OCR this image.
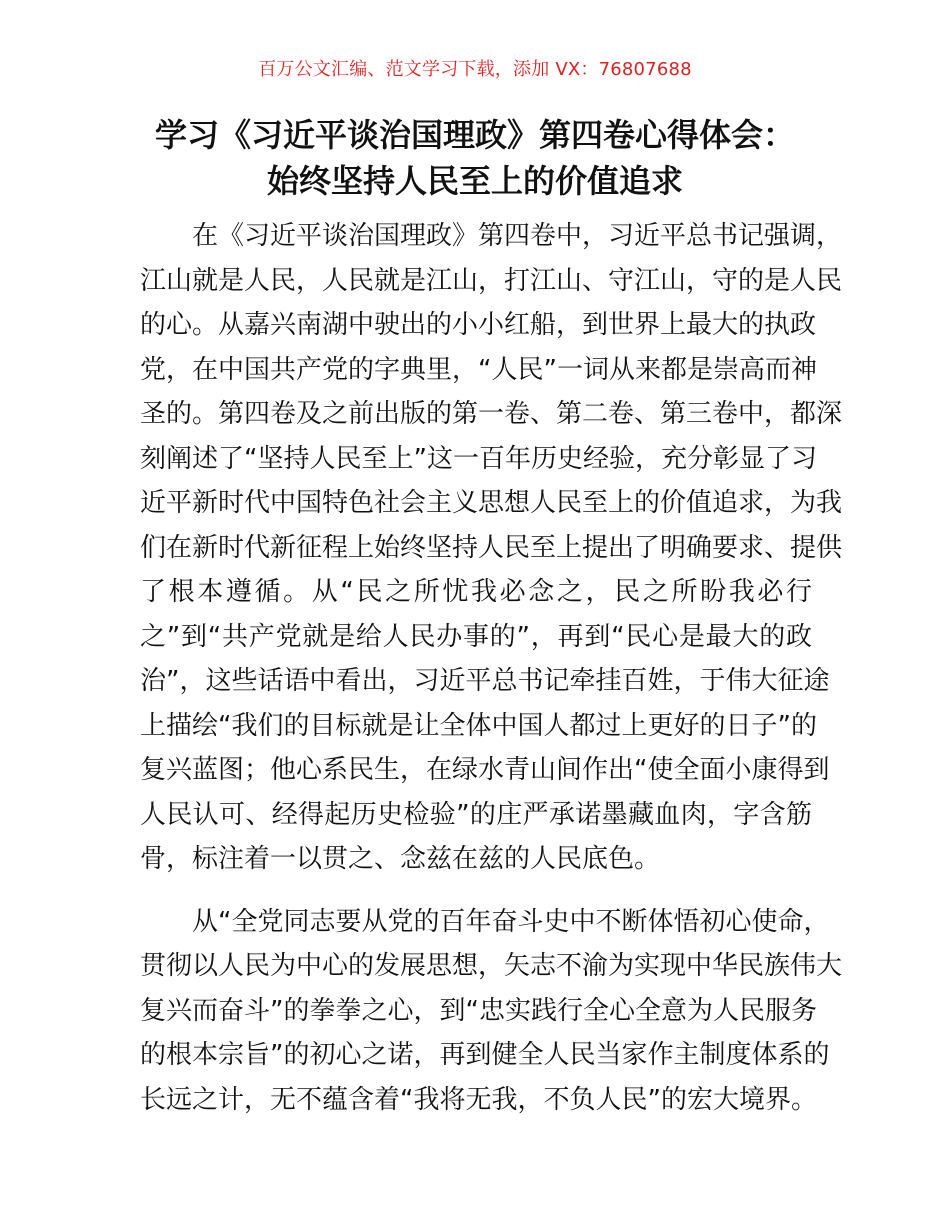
百万公文汇编、范文学习下载，添加 VX：76807688
学习《习近平谈治国理政》第四卷心得体会：
始终坚持人民至上的价值追求
在《习近平谈治国理政》第四卷中，习近平总书记强调，
江山就是人民，人民就是江山，打江山、守江山，守的是人民
的心。从嘉兴南湖中驶出的小小红船，到世界上最大的执政
党，在中国共产党的字典里，“人民”一词从来都是崇高而神
圣的。第四卷及之前出版的第一卷、第二卷、第三卷中，都深
刻阐述了“坚持人民至上”这一百年历史经验，充分彰显了习
近平新时代中国特色社会主义思想人民至上的价值追求，为我
们在新时代新征程上始终坚持人民至上提出了明确要求、提供
了根本遵循。从“民之所忧我必念之，民之所盼我必行
之”到“共产党就是给人民办事的”，再到“民心是最大的政
治”，这些话语中看出，习近平总书记牵挂百姓，于伟大征途
上描绘“我们的目标就是让全体中国人都过上更好的日子”的
复兴蓝图；他心系民生，在绿水青山间作出“使全面小康得到
人民认可、经得起历史检验”的庄严承诺墨藏血肉，字含筋
骨，标注着一以贯之、念兹在兹的人民底色。
从“全党同志要从党的百年奋斗史中不断体悟初心使命，
贯彻以人民为中心的发展思想，矢志不渝为实现中华民族伟大
复兴而奋斗”的拳拳之心，到“忠实践行全心全意为人民服务
的根本宗旨”的初心之诺，再到健全人民当家作主制度体系的
长远之计，无不蕴含着“我将无我，不负人民”的宏大境界。
